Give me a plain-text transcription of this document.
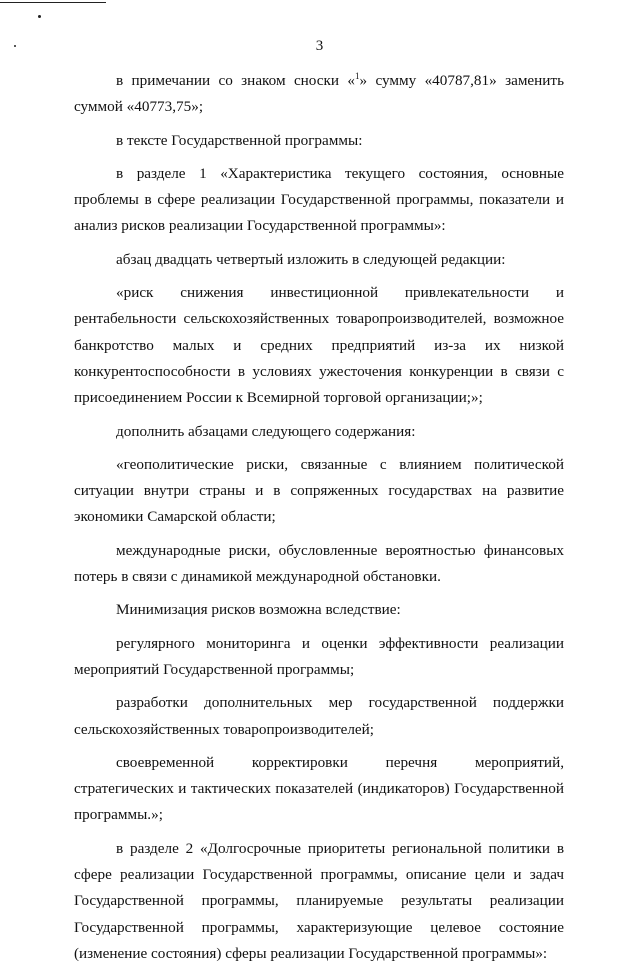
3

в примечании со знаком сноски «$^1$» сумму «40787,81» заменить суммой «40773,75»;

в тексте Государственной программы:

в разделе 1 «Характеристика текущего состояния, основные проблемы в сфере реализации Государственной программы, показатели и анализ рисков реализации Государственной программы»:

абзац двадцать четвертый изложить в следующей редакции:

«риск снижения инвестиционной привлекательности и рентабельности сельскохозяйственных товаропроизводителей, возможное банкротство малых и средних предприятий из-за их низкой конкурентоспособности в условиях ужесточения конкуренции в связи с присоединением России к Всемирной торговой организации;»;

дополнить абзацами следующего содержания:

«геополитические риски, связанные с влиянием политической ситуации внутри страны и в сопряженных государствах на развитие экономики Самарской области;

международные риски, обусловленные вероятностью финансовых потерь в связи с динамикой международной обстановки.

Минимизация рисков возможна вследствие:

регулярного мониторинга и оценки эффективности реализации мероприятий Государственной программы;

разработки дополнительных мер государственной поддержки сельскохозяйственных товаропроизводителей;

своевременной корректировки перечня мероприятий, стратегических и тактических показателей (индикаторов) Государственной программы.»;

в разделе 2 «Долгосрочные приоритеты региональной политики в сфере реализации Государственной программы, описание цели и задач Государственной программы, планируемые результаты реализации Государственной программы, характеризующие целевое состояние (изменение состояния) сферы реализации Государственной программы»:
